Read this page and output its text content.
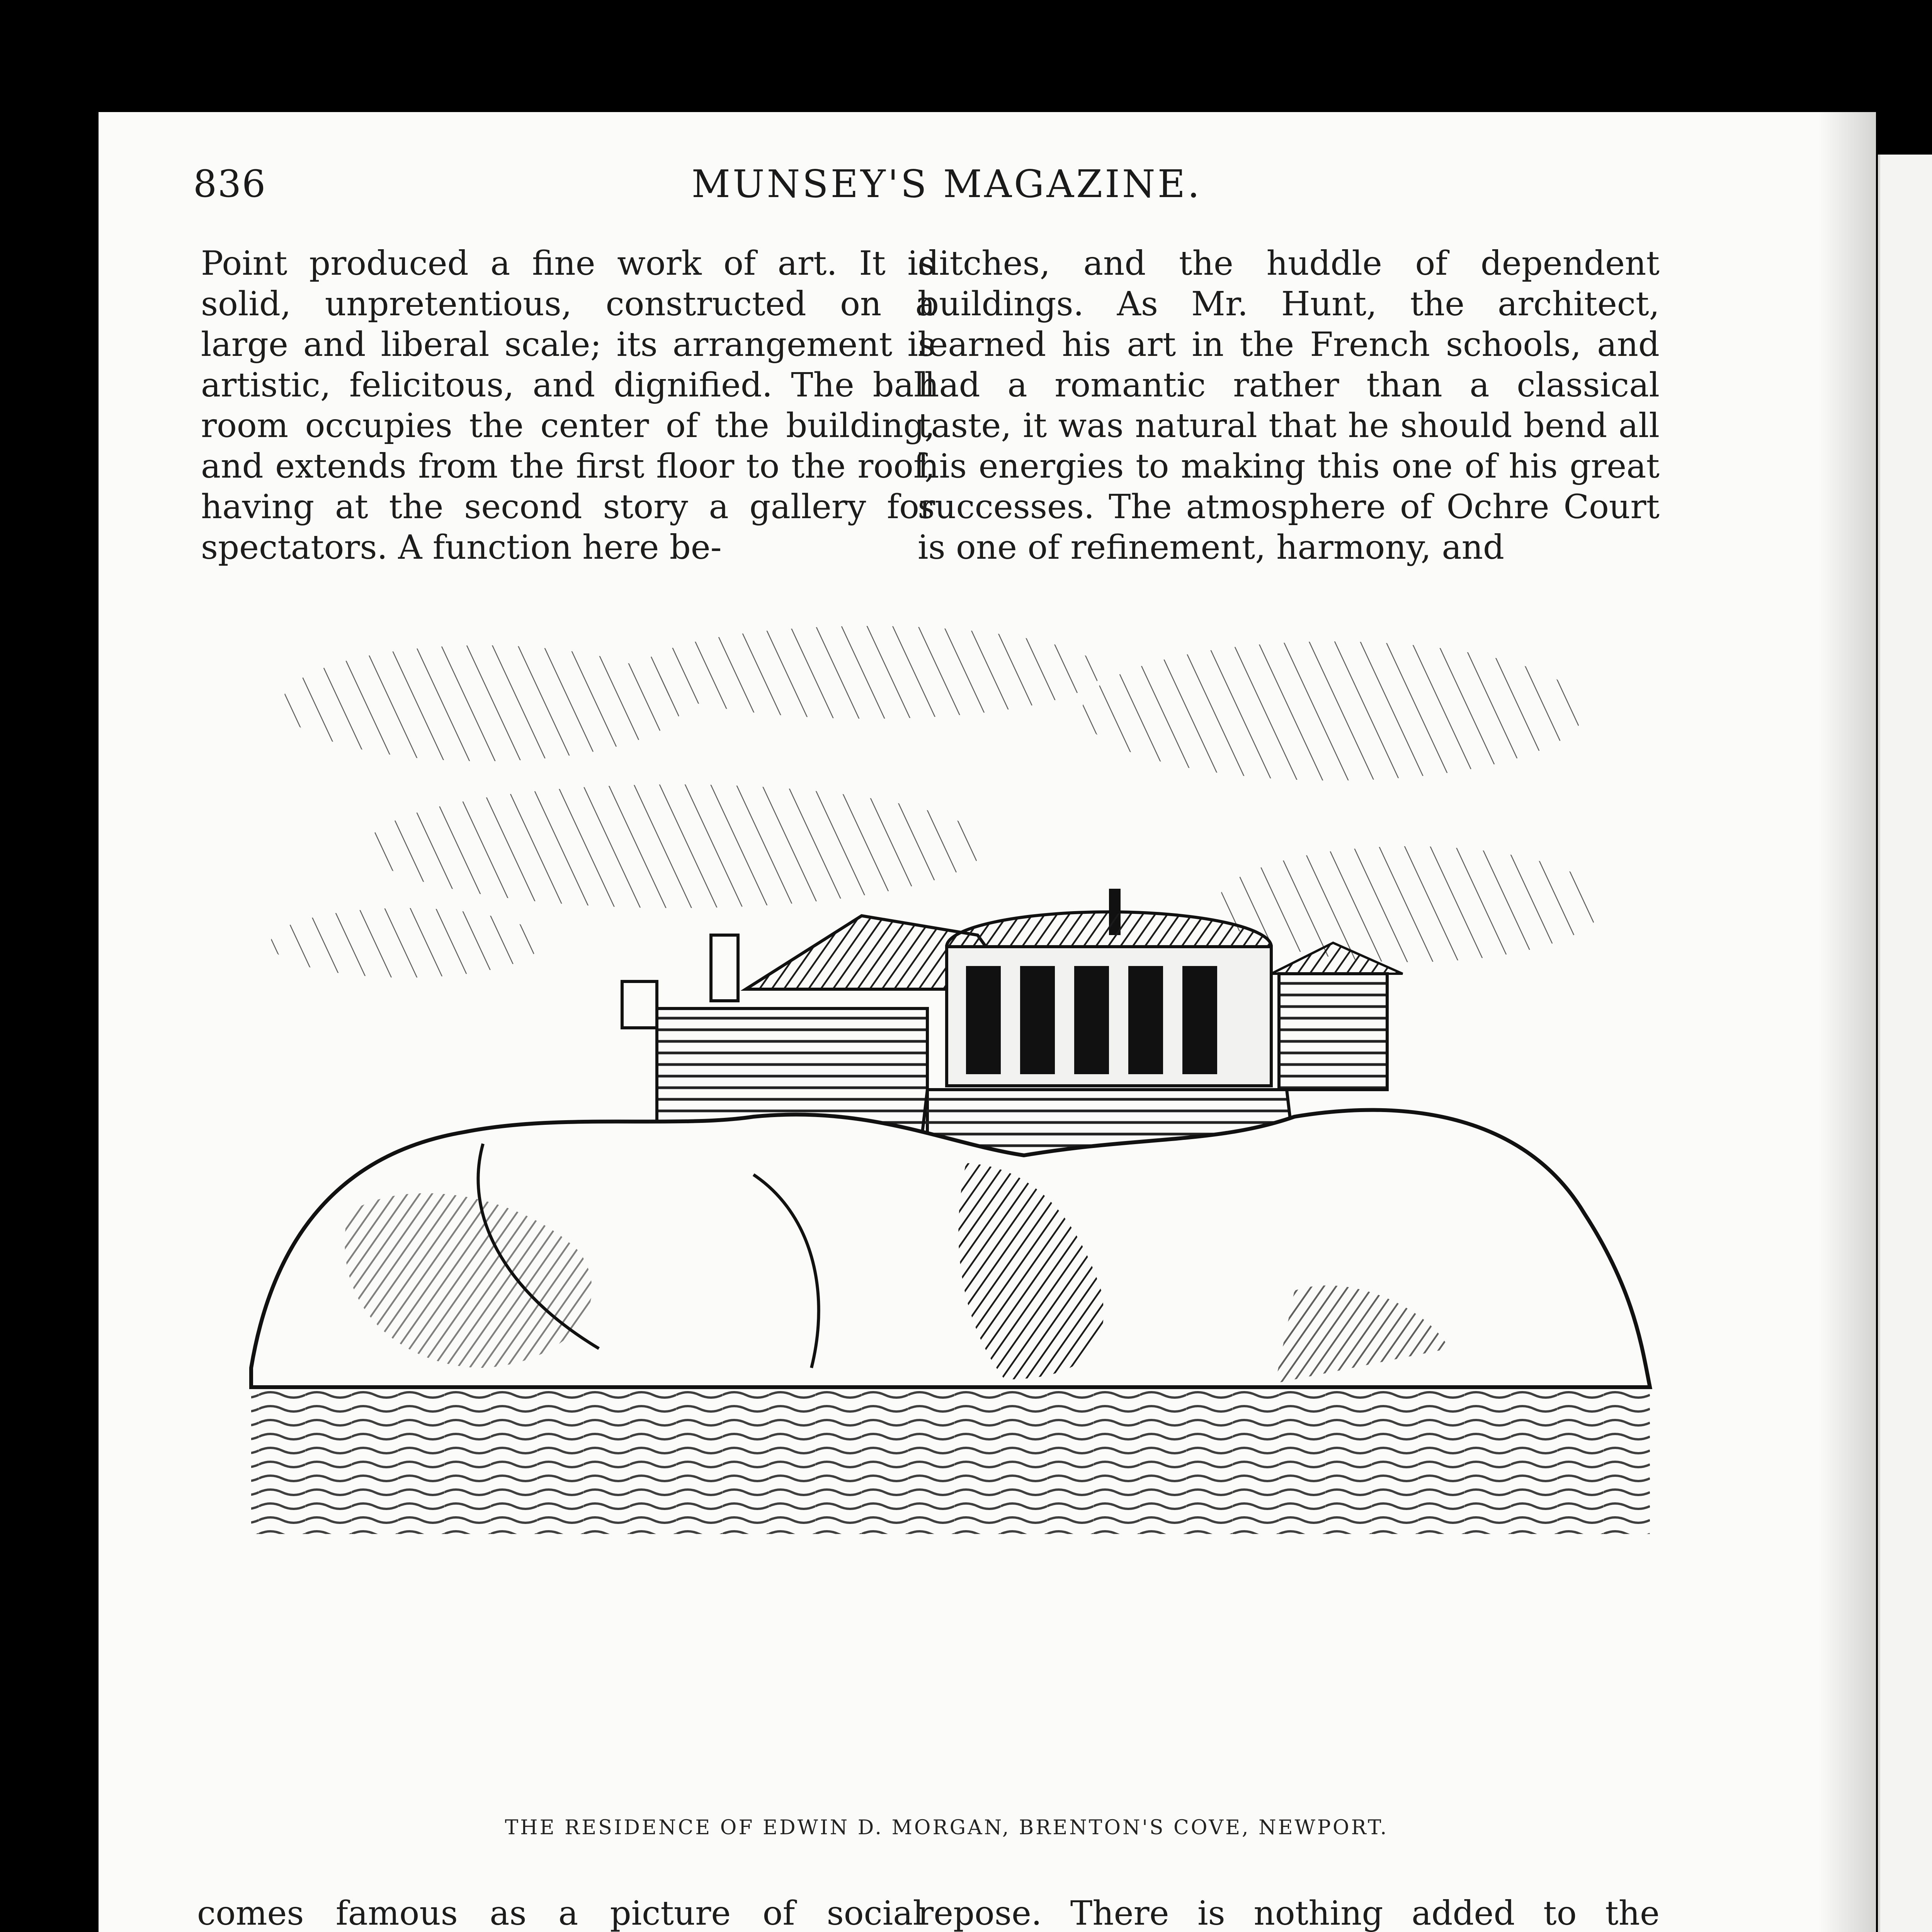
836	MUNSEY'S MAGAZINE.

Point produced a fine work of art. It is solid, unpretentious, constructed on a large and liberal scale; its arrangement is artistic, felicitous, and dignified. The ball room occupies the center of the building, and extends from the first floor to the roof, having at the second story a gallery for spectators. A function here be-

ditches, and the huddle of dependent buildings. As Mr. Hunt, the architect, learned his art in the French schools, and had a romantic rather than a classical taste, it was natural that he should bend all his energies to making this one of his great successes. The atmosphere of Ochre Court is one of refinement, harmony, and

THE RESIDENCE OF EDWIN D. MORGAN, BRENTON'S COVE, NEWPORT.

comes famous as a picture of social

repose. There is nothing added to the
